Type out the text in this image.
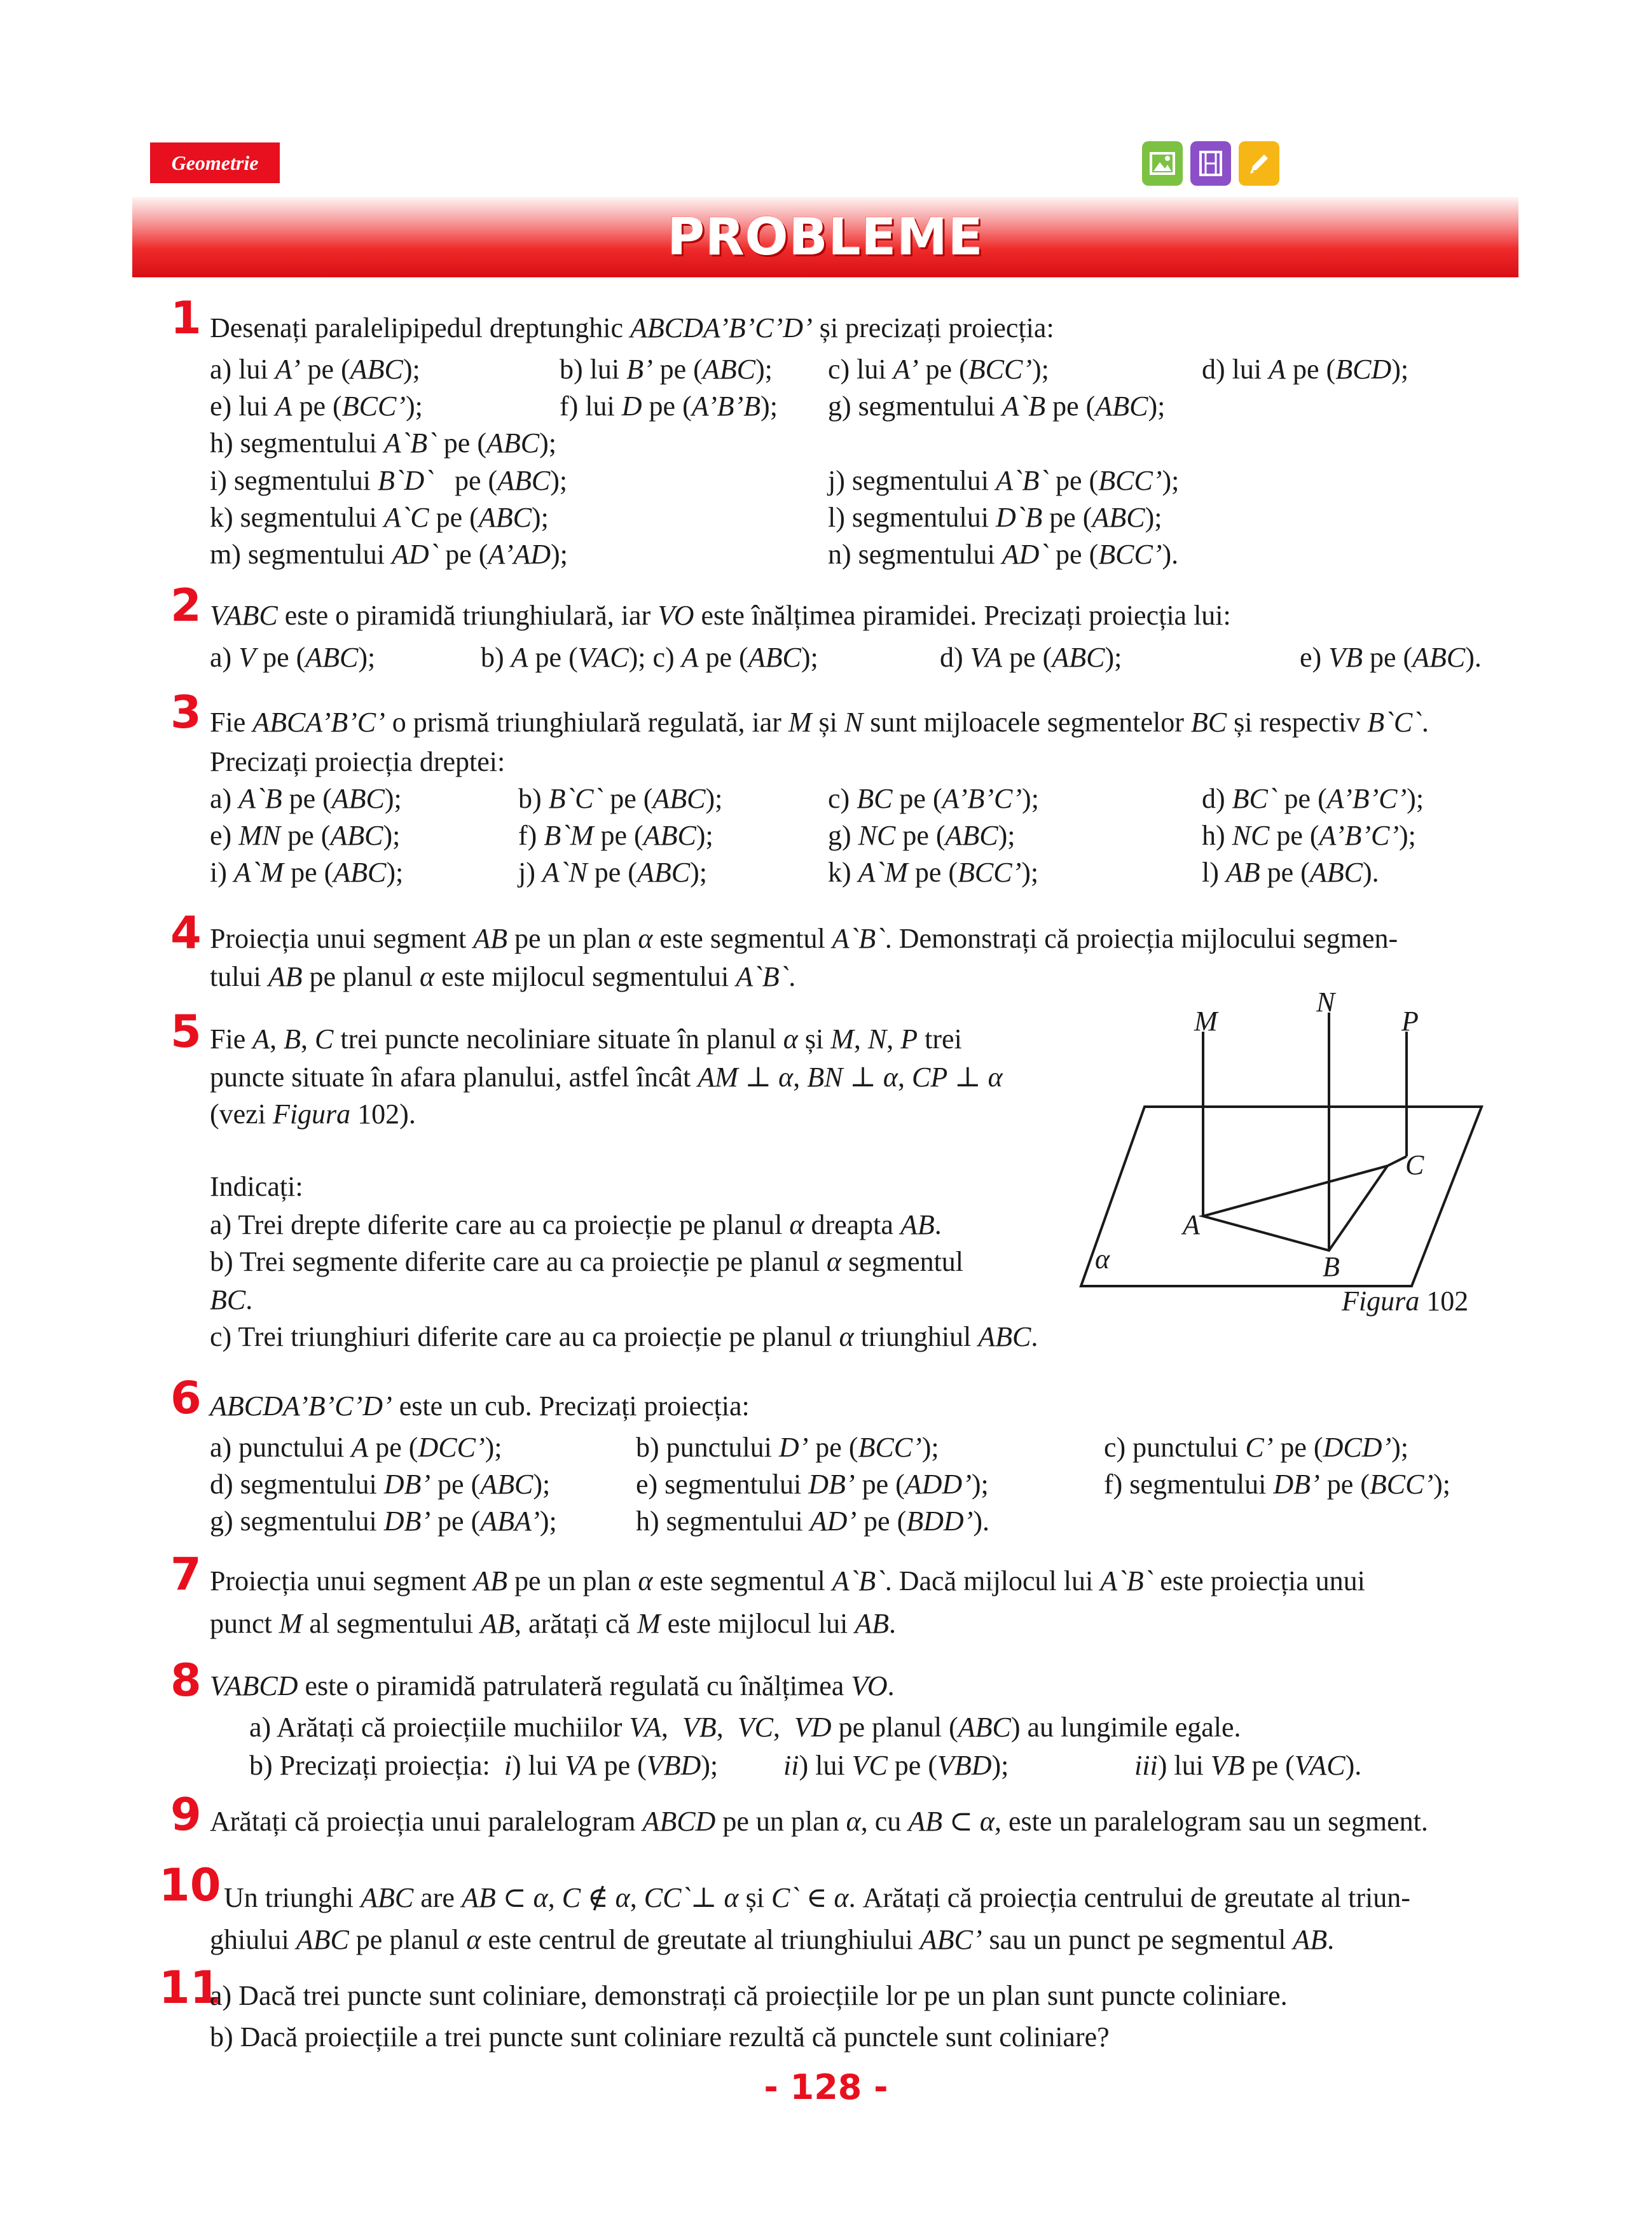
Geometrie
PROBLEME
1 Desenați paralelipipedul dreptunghic ABCDA’B’C’D’ și precizați proiecția:
a) lui A’ pe (ABC);	b) lui B’ pe (ABC); c) lui A’ pe (BCC’);	d) lui A pe (BCD);
e) lui A pe (BCC’);	f) lui D pe (A’B’B); g) segmentului A`B pe (ABC);
h) segmentului A`B` pe (ABC);
i) segmentului B`D`   pe (ABC);	j) segmentului A`B` pe (BCC’);
k) segmentului A`C pe (ABC);	l) segmentului D`B pe (ABC);
m) segmentului AD` pe (A’AD);	n) segmentului AD` pe (BCC’).
2 VABC este o piramidă triunghiulară, iar VO este înălțimea piramidei. Precizați proiecția lui:
a) V pe (ABC);	b) A pe (VAC); c) A pe (ABC);	d) VA pe (ABC);	e) VB pe (ABC).
3 Fie ABCA’B’C’ o prismă triunghiulară regulată, iar M și N sunt mijloacele segmentelor BC și respectiv B`C`.
Precizați proiecția dreptei:
a) A`B pe (ABC);	b) B`C` pe (ABC);	c) BC pe (A’B’C’);	d) BC` pe (A’B’C’);
e) MN pe (ABC);	f) B`M pe (ABC);	g) NC pe (ABC);	h) NC pe (A’B’C’);
i) A`M pe (ABC);	j) A`N pe (ABC);	k) A`M pe (BCC’);	l) AB pe (ABC).
4 Proiecția unui segment AB pe un plan α este segmentul A`B`. Demonstrați că proiecția mijlocului segmen-
tului AB pe planul α este mijlocul segmentului A`B`.
5 Fie A, B, C trei puncte necoliniare situate în planul α și M, N, P trei
puncte situate în afara planului, astfel încât AM ⊥ α, BN ⊥ α, CP ⊥ α
(vezi Figura 102).
Indicați:
a) Trei drepte diferite care au ca proiecție pe planul α dreapta AB.
b) Trei segmente diferite care au ca proiecție pe planul α segmentul
BC.
c) Trei triunghiuri diferite care au ca proiecție pe planul α triunghiul ABC.
6 ABCDA’B’C’D’ este un cub. Precizați proiecția:
a) punctului A pe (DCC’);	b) punctului D’ pe (BCC’);	c) punctului C’ pe (DCD’);
d) segmentului DB’ pe (ABC);	e) segmentului DB’ pe (ADD’);	f) segmentului DB’ pe (BCC’);
g) segmentului DB’ pe (ABA’);	h) segmentului AD’ pe (BDD’).
7 Proiecția unui segment AB pe un plan α este segmentul A`B`. Dacă mijlocul lui A`B` este proiecția unui
punct M al segmentului AB, arătați că M este mijlocul lui AB.
8 VABCD este o piramidă patrulateră regulată cu înălțimea VO.
a) Arătați că proiecțiile muchiilor VA,  VB,  VC,  VD pe planul (ABC) au lungimile egale.
b) Precizați proiecția:  i) lui VA pe (VBD); ii) lui VC pe (VBD);	iii) lui VB pe (VAC).
9 Arătați că proiecția unui paralelogram ABCD pe un plan α, cu AB ⊂ α, este un paralelogram sau un segment.
10 Un triunghi ABC are AB ⊂ α, C ∉ α, CC`⊥ α și C` ∈ α. Arătați că proiecția centrului de greutate al triun-
ghiului ABC pe planul α este centrul de greutate al triunghiului ABC’ sau un punct pe segmentul AB.
11
a) Dacă trei puncte sunt coliniare, demonstrați că proiecțiile lor pe un plan sunt puncte coliniare.
b) Dacă proiecțiile a trei puncte sunt coliniare rezultă că punctele sunt coliniare?
M
N
P
A
B
C
α
Figura 102
- 128 -
